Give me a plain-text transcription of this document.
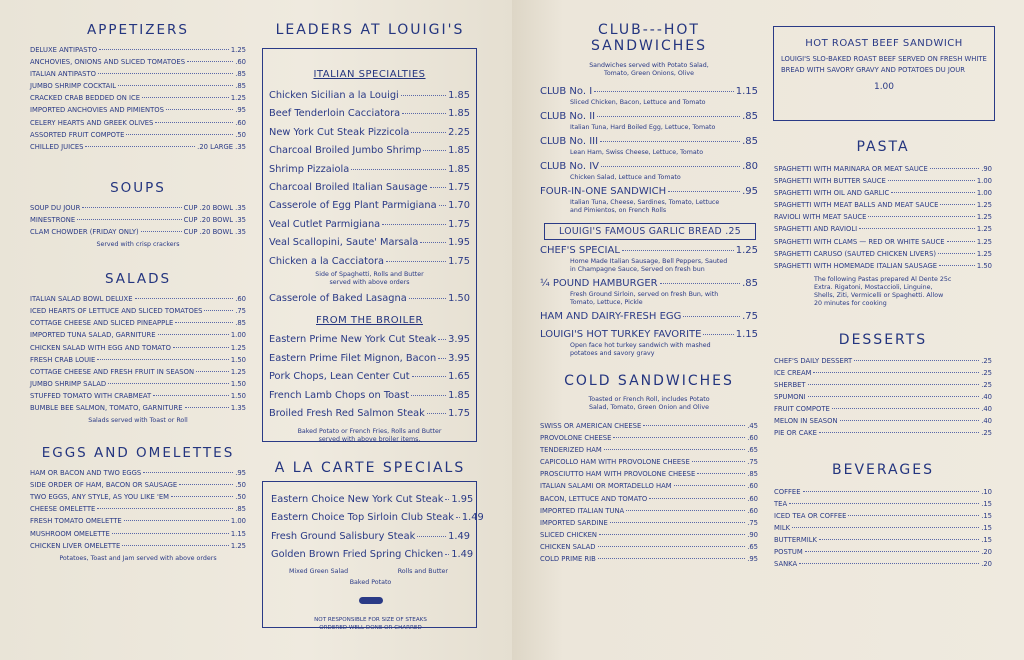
APPETIZERS
DELUXE ANTIPASTO	1.25
ANCHOVIES, ONIONS AND SLICED TOMATOES	.60
ITALIAN ANTIPASTO	.85
JUMBO SHRIMP COCKTAIL	.85
CRACKED CRAB BEDDED ON ICE	1.25
IMPORTED ANCHOVIES AND PIMIENTOS	.95
CELERY HEARTS AND GREEK OLIVES	.60
ASSORTED FRUIT COMPOTE	.50
CHILLED JUICES	.20 LARGE .35
SOUPS
SOUP DU JOUR	CUP .20 BOWL .35
MINESTRONE	CUP .20 BOWL .35
CLAM CHOWDER (FRIDAY ONLY)	CUP .20 BOWL .35
Served with crisp crackers
SALADS
ITALIAN SALAD BOWL DELUXE	.60
ICED HEARTS OF LETTUCE AND SLICED TOMATOES	.75
COTTAGE CHEESE AND SLICED PINEAPPLE	.85
IMPORTED TUNA SALAD, GARNITURE	1.00
CHICKEN SALAD WITH EGG AND TOMATO	1.25
FRESH CRAB LOUIE	1.50
COTTAGE CHEESE AND FRESH FRUIT IN SEASON	1.25
JUMBO SHRIMP SALAD	1.50
STUFFED TOMATO WITH CRABMEAT	1.50
BUMBLE BEE SALMON, TOMATO, GARNITURE	1.35
Salads served with Toast or Roll
EGGS AND OMELETTES
HAM OR BACON AND TWO EGGS	.95
SIDE ORDER OF HAM, BACON OR SAUSAGE	.50
TWO EGGS, ANY STYLE, AS YOU LIKE 'EM	.50
CHEESE OMELETTE	.85
FRESH TOMATO OMELETTE	1.00
MUSHROOM OMELETTE	1.15
CHICKEN LIVER OMELETTE	1.25
Potatoes, Toast and Jam served with above orders
LEADERS AT LOUIGI'S
ITALIAN SPECIALTIES
Chicken Sicilian a la Louigi	1.85
Beef Tenderloin Cacciatora	1.85
New York Cut Steak Pizzicola	2.25
Charcoal Broiled Jumbo Shrimp	1.85
Shrimp Pizzaiola	1.85
Charcoal Broiled Italian Sausage 1.75
Casserole of Egg Plant Parmigiana 1.70
Veal Cutlet Parmigiana	1.75
Veal Scallopini, Saute' Marsala	1.95
Chicken a la Cacciatora	1.75
Side of Spaghetti, Rolls and Butter served with above orders
Casserole of Baked Lasagna	1.50
FROM THE BROILER
Eastern Prime New York Cut Steak 3.95
Eastern Prime Filet Mignon, Bacon 3.95
Pork Chops, Lean Center Cut	1.65
French Lamb Chops on Toast	1.85
Broiled Fresh Red Salmon Steak 1.75
Baked Potato or French Fries, Rolls and Butter served with above broiler items.
A LA CARTE SPECIALS
Eastern Choice New York Cut Steak 1.95
Eastern Choice Top Sirloin Club Steak 1.49
Fresh Ground Salisbury Steak	1.49
Golden Brown Fried Spring Chicken 1.49
Mixed Green Salad	Rolls and Butter
Baked Potato
NOT RESPONSIBLE FOR SIZE OF STEAKS ORDERED WELL DONE OR CHARRED
CLUB---HOT SANDWICHES
Sandwiches served with Potato Salad, Tomato, Green Onions, Olive
CLUB No. I	1.15
Sliced Chicken, Bacon, Lettuce and Tomato
CLUB No. II	.85
Italian Tuna, Hard Boiled Egg, Lettuce, Tomato
CLUB No. III	.85
Lean Ham, Swiss Cheese, Lettuce, Tomato
CLUB No. IV	.80
Chicken Salad, Lettuce and Tomato
FOUR-IN-ONE SANDWICH	.95
Italian Tuna, Cheese, Sardines, Tomato, Lettuce and Pimientos, on French Rolls
LOUIGI'S FAMOUS GARLIC BREAD .25
CHEF'S SPECIAL	1.25
Home Made Italian Sausage, Bell Peppers, Sauted in Champagne Sauce, Served on fresh bun
¼ POUND HAMBURGER	.85
Fresh Ground Sirloin, served on fresh Bun, with Tomato, Lettuce, Pickle
HAM AND DAIRY-FRESH EGG	.75
LOUIGI'S HOT TURKEY FAVORITE	1.15
Open face hot turkey sandwich with mashed potatoes and savory gravy
COLD SANDWICHES
Toasted or French Roll, includes Potato Salad, Tomato, Green Onion and Olive
SWISS OR AMERICAN CHEESE	.45
PROVOLONE CHEESE	.60
TENDERIZED HAM	.65
CAPICOLLO HAM WITH PROVOLONE CHEESE	.75
PROSCIUTTO HAM WITH PROVOLONE CHEESE	.85
ITALIAN SALAMI OR MORTADELLO HAM	.60
BACON, LETTUCE AND TOMATO	.60
IMPORTED ITALIAN TUNA	.60
IMPORTED SARDINE	.75
SLICED CHICKEN	.90
CHICKEN SALAD	.65
COLD PRIME RIB	.95
HOT ROAST BEEF SANDWICH
LOUIGI'S SLO-BAKED ROAST BEEF SERVED ON FRESH WHITE BREAD WITH SAVORY GRAVY AND POTATOES DU JOUR
1.00
PASTA
SPAGHETTI WITH MARINARA OR MEAT SAUCE	.90
SPAGHETTI WITH BUTTER SAUCE	1.00
SPAGHETTI WITH OIL AND GARLIC	1.00
SPAGHETTI WITH MEAT BALLS AND MEAT SAUCE	1.25
RAVIOLI WITH MEAT SAUCE	1.25
SPAGHETTI AND RAVIOLI	1.25
SPAGHETTI WITH CLAMS — RED OR WHITE SAUCE	1.25
SPAGHETTI CARUSO (SAUTED CHICKEN LIVERS)	1.25
SPAGHETTI WITH HOMEMADE ITALIAN SAUSAGE	1.50
The following Pastas prepared Al Dente 25c Extra. Rigatoni, Mostaccioli, Linguine, Shells, Ziti, Vermicelli or Spaghetti. Allow 20 minutes for cooking
DESSERTS
CHEF'S DAILY DESSERT	.25
ICE CREAM	.25
SHERBET	.25
SPUMONI	.40
FRUIT COMPOTE	.40
MELON IN SEASON	.40
PIE OR CAKE	.25
BEVERAGES
COFFEE	.10
TEA	.15
ICED TEA OR COFFEE	.15
MILK	.15
BUTTERMILK	.15
POSTUM	.20
SANKA	.20
